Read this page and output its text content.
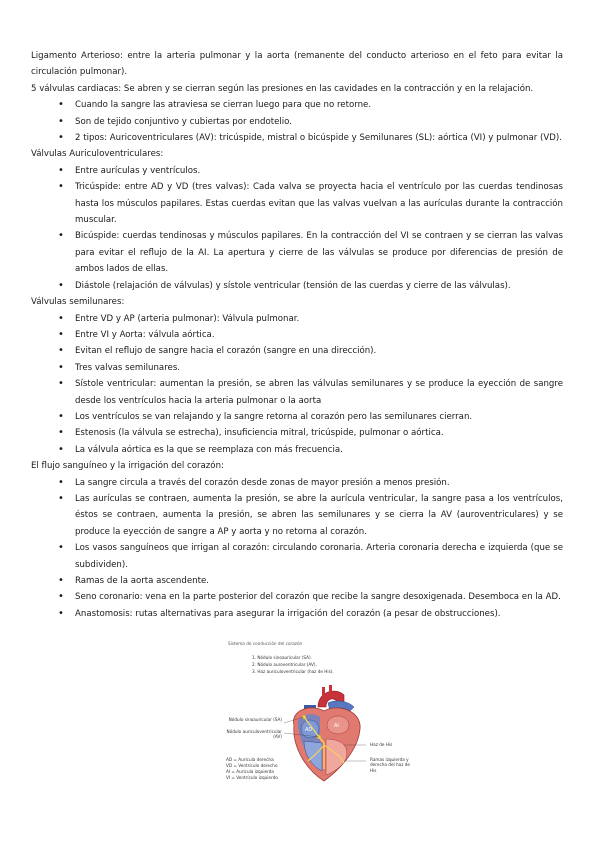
Ligamento Arterioso: entre la arteria pulmonar y la aorta (remanente del conducto arterioso en el feto para evitar la circulación pulmonar).

5 válvulas cardiacas: Se abren y se cierran según las presiones en las cavidades en la contracción y en la relajación.

• Cuando la sangre las atraviesa se cierran luego para que no retorne.
• Son de tejido conjuntivo y cubiertas por endotelio.
• 2 tipos: Auricoventriculares (AV): tricúspide, mistral o bicúspide y Semilunares (SL): aórtica (VI) y pulmonar (VD).

Válvulas Auriculoventriculares:

• Entre aurículas y ventrículos.
• Tricúspide: entre AD y VD (tres valvas): Cada valva se proyecta hacia el ventrículo por las cuerdas tendinosas hasta los músculos papilares. Estas cuerdas evitan que las valvas vuelvan a las aurículas durante la contracción muscular.
• Bicúspide: cuerdas tendinosas y músculos papilares. En la contracción del VI se contraen y se cierran las valvas para evitar el reflujo de la AI. La apertura y cierre de las válvulas se produce por diferencias de presión de ambos lados de ellas.
• Diástole (relajación de válvulas) y sístole ventricular (tensión de las cuerdas y cierre de las válvulas).

Válvulas semilunares:

• Entre VD y AP (arteria pulmonar): Válvula pulmonar.
• Entre VI y Aorta: válvula aórtica.
• Evitan el reflujo de sangre hacia el corazón (sangre en una dirección).
• Tres valvas semilunares.
• Sístole ventricular: aumentan la presión, se abren las válvulas semilunares y se produce la eyección de sangre desde los ventrículos hacia la arteria pulmonar o la aorta
• Los ventrículos se van relajando y la sangre retorna al corazón pero las semilunares cierran.
• Estenosis (la válvula se estrecha), insuficiencia mitral, tricúspide, pulmonar o aórtica.
• La válvula aórtica es la que se reemplaza con más frecuencia.

El flujo sanguíneo y la irrigación del corazón:

• La sangre circula a través del corazón desde zonas de mayor presión a menos presión.
• Las aurículas se contraen, aumenta la presión, se abre la aurícula ventricular, la sangre pasa a los ventrículos, éstos se contraen, aumenta la presión, se abren las semilunares y se cierra la AV (auroventriculares) y se produce la eyección de sangre a AP y aorta y no retorna al corazón.
• Los vasos sanguíneos que irrigan al corazón: circulando coronaria. Arteria coronaria derecha e izquierda (que se subdividen).
• Ramas de la aorta ascendente.
• Seno coronario: vena en la parte posterior del corazón que recibe la sangre desoxigenada. Desemboca en la AD.
• Anastomosis: rutas alternativas para asegurar la irrigación del corazón (a pesar de obstrucciones).
Sistema de conducción del corazón
1. Nódulo sinoauricular (SA).
2. Nódulo auroventricular (AV).
3. Haz auriculoventricular (haz de His).
AI
AD
Nódulo sinoauricular (SA)
Nódulo auriculoventricular (AV)
Haz de His
Ramas izquierda y derecha del haz de His
AD = Aurícula derecha
VD = Ventrículo derecho
AI = Aurícula izquierda
VI = Ventrículo izquierdo
